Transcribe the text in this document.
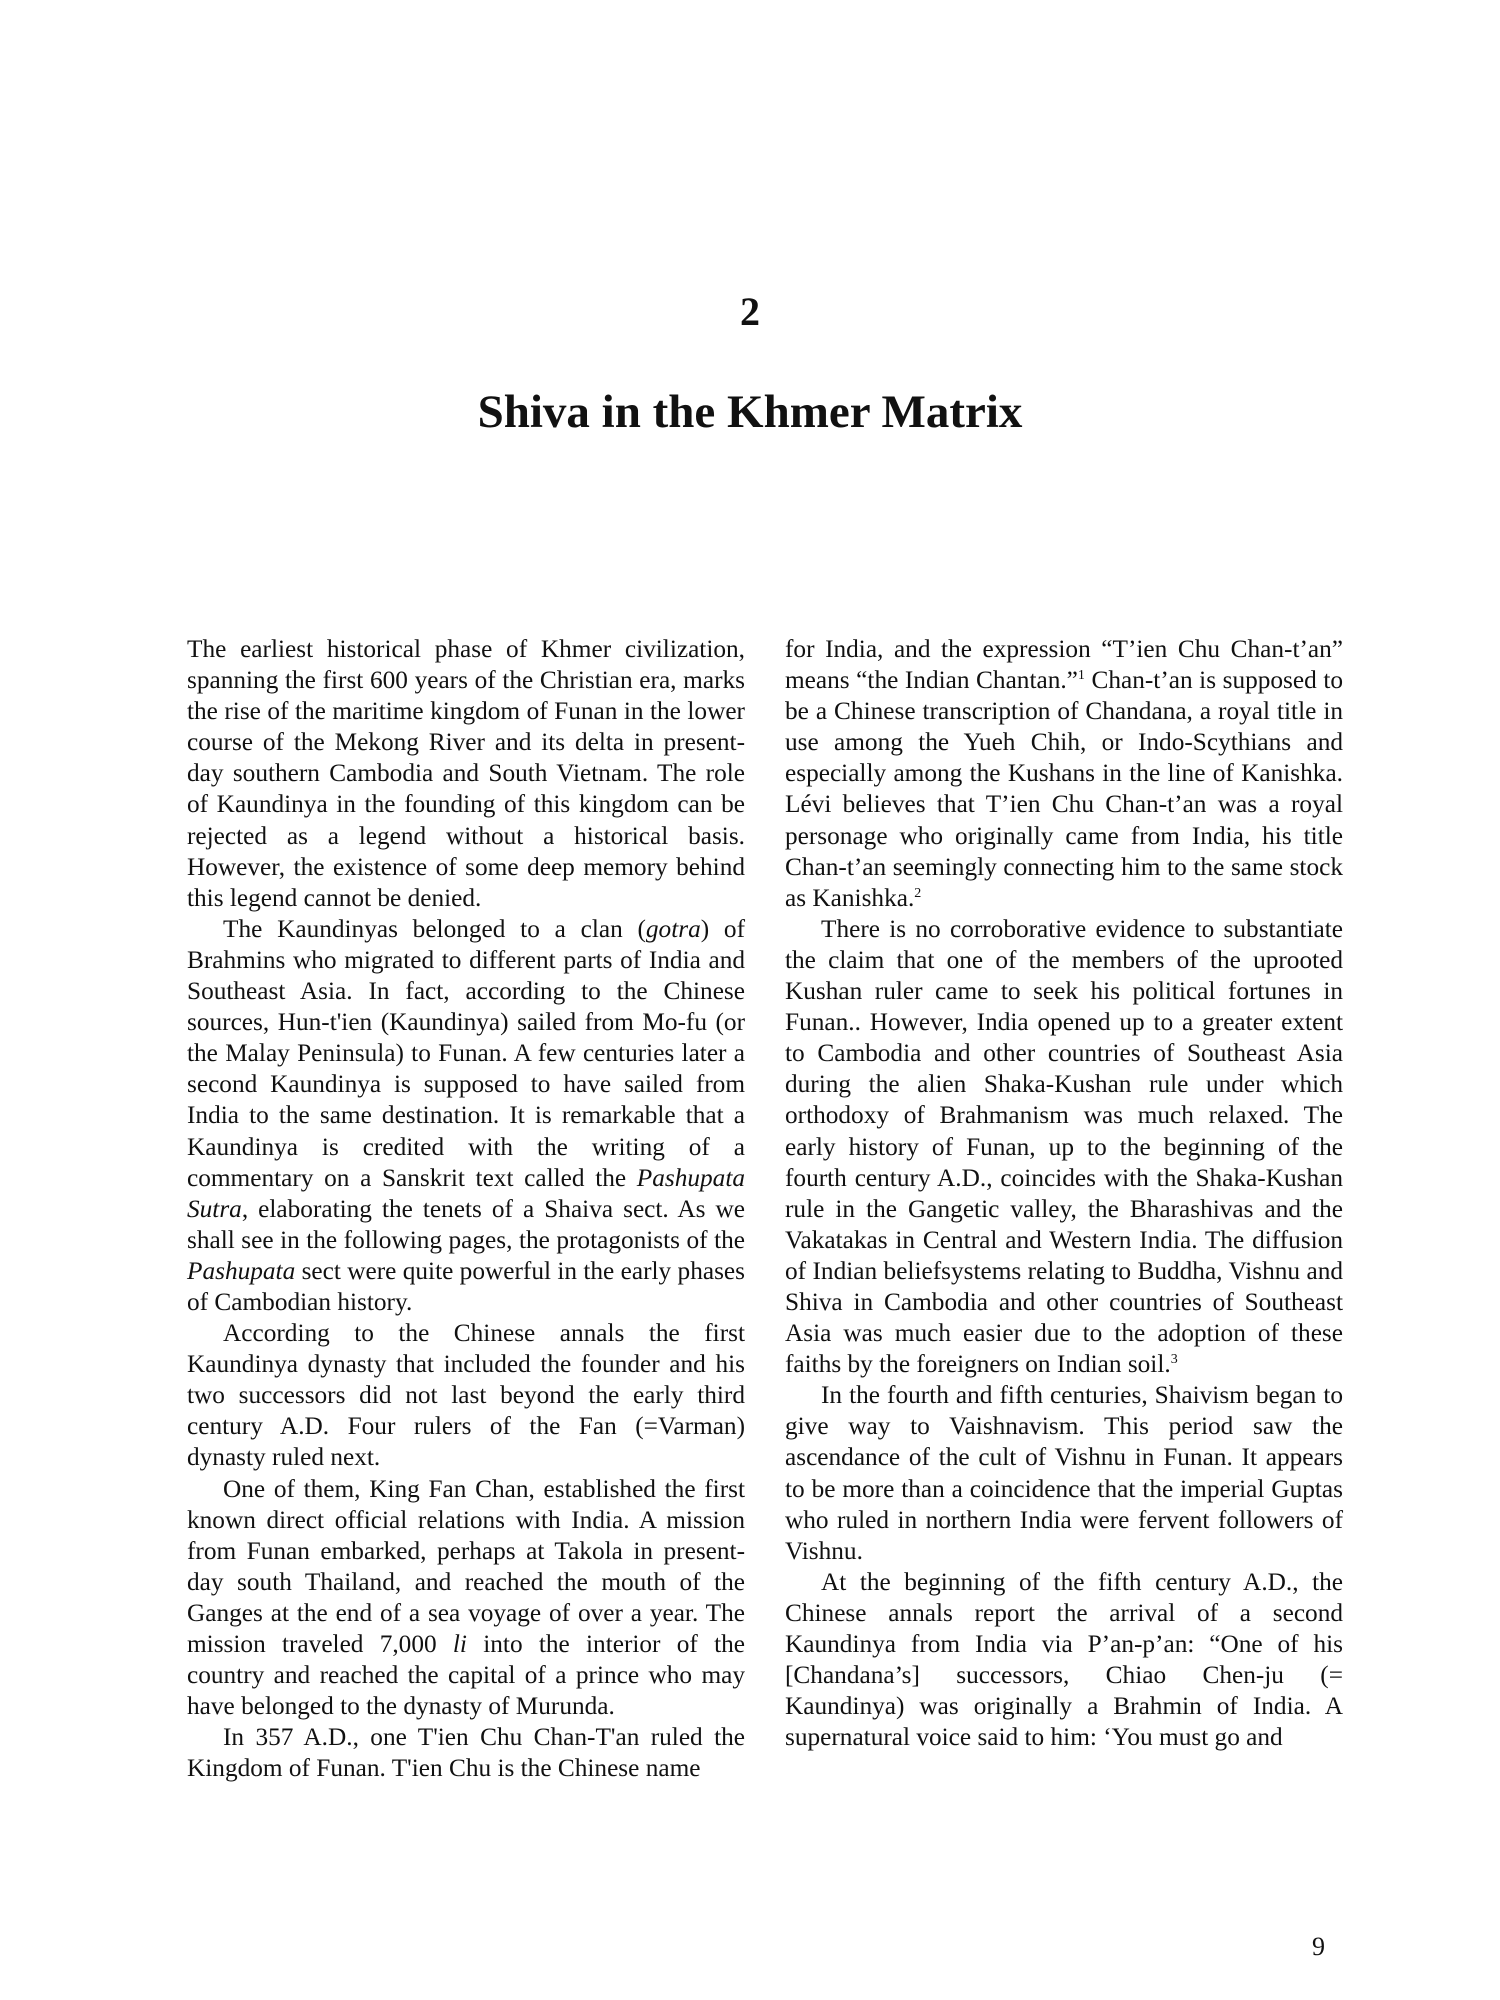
2
Shiva in the Khmer Matrix

The earliest historical phase of Khmer civilization, spanning the first 600 years of the Christian era, marks the rise of the maritime kingdom of Funan in the lower course of the Mekong River and its delta in present-day southern Cambodia and South Vietnam. The role of Kaundinya in the founding of this kingdom can be rejected as a legend without a historical basis. However, the existence of some deep memory behind this legend cannot be denied.

The Kaundinyas belonged to a clan (gotra) of Brahmins who migrated to different parts of India and Southeast Asia. In fact, according to the Chinese sources, Hun-t'ien (Kaundinya) sailed from Mo-fu (or the Malay Peninsula) to Funan. A few centuries later a second Kaundinya is supposed to have sailed from India to the same destination. It is remarkable that a Kaundinya is credited with the writing of a commentary on a Sanskrit text called the Pashupata Sutra, elaborating the tenets of a Shaiva sect. As we shall see in the following pages, the protagonists of the Pashupata sect were quite powerful in the early phases of Cambodian history.

According to the Chinese annals the first Kaundinya dynasty that included the founder and his two successors did not last beyond the early third century A.D. Four rulers of the Fan (=Varman) dynasty ruled next.

One of them, King Fan Chan, established the first known direct official relations with India. A mission from Funan embarked, perhaps at Takola in present-day south Thailand, and reached the mouth of the Ganges at the end of a sea voyage of over a year. The mission traveled 7,000 li into the interior of the country and reached the capital of a prince who may have belonged to the dynasty of Murunda.

In 357 A.D., one T'ien Chu Chan-T'an ruled the Kingdom of Funan. T'ien Chu is the Chinese name

for India, and the expression “T’ien Chu Chan-t’an” means “the Indian Chantan.”$^1$ Chan-t’an is supposed to be a Chinese transcription of Chandana, a royal title in use among the Yueh Chih, or Indo-Scythians and especially among the Kushans in the line of Kanishka. Lévi believes that T’ien Chu Chan-t’an was a royal personage who originally came from India, his title Chan-t’an seemingly connecting him to the same stock as Kanishka.$^2$

There is no corroborative evidence to substantiate the claim that one of the members of the uprooted Kushan ruler came to seek his political fortunes in Funan.. However, India opened up to a greater extent to Cambodia and other countries of Southeast Asia during the alien Shaka-Kushan rule under which orthodoxy of Brahmanism was much relaxed. The early history of Funan, up to the beginning of the fourth century A.D., coincides with the Shaka-Kushan rule in the Gangetic valley, the Bharashivas and the Vakatakas in Central and Western India. The diffusion of Indian beliefsystems relating to Buddha, Vishnu and Shiva in Cambodia and other countries of Southeast Asia was much easier due to the adoption of these faiths by the foreigners on Indian soil.$^3$

In the fourth and fifth centuries, Shaivism began to give way to Vaishnavism. This period saw the ascendance of the cult of Vishnu in Funan. It appears to be more than a coincidence that the imperial Guptas who ruled in northern India were fervent followers of Vishnu.

At the beginning of the fifth century A.D., the Chinese annals report the arrival of a second Kaundinya from India via P’an-p’an: “One of his [Chandana’s] successors, Chiao Chen-ju (= Kaundinya) was originally a Brahmin of India. A supernatural voice said to him: ‘You must go and

9
